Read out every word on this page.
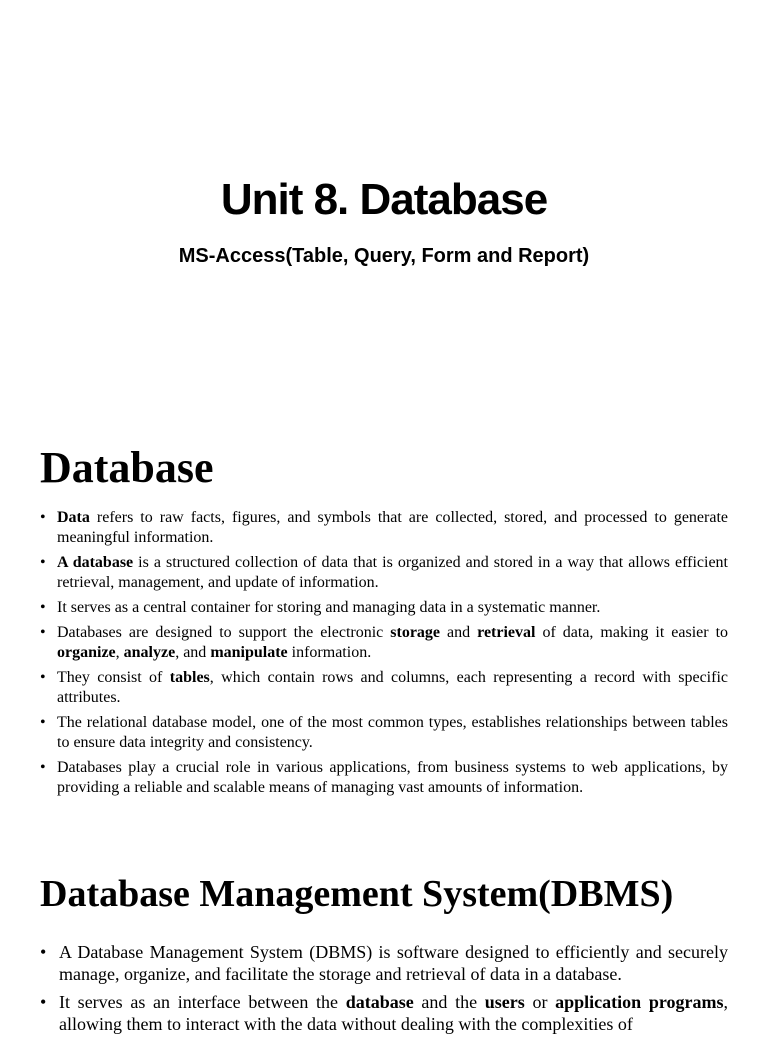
Unit 8. Database
MS-Access(Table, Query, Form and Report)
Database
• Data refers to raw facts, figures, and symbols that are collected, stored, and processed to generate meaningful information.
• A database is a structured collection of data that is organized and stored in a way that allows efficient retrieval, management, and update of information.
• It serves as a central container for storing and managing data in a systematic manner.
• Databases are designed to support the electronic storage and retrieval of data, making it easier to organize, analyze, and manipulate information.
• They consist of tables, which contain rows and columns, each representing a record with specific attributes.
• The relational database model, one of the most common types, establishes relationships between tables to ensure data integrity and consistency.
• Databases play a crucial role in various applications, from business systems to web applications, by providing a reliable and scalable means of managing vast amounts of information.
Database Management System(DBMS)
• A Database Management System (DBMS) is software designed to efficiently and securely manage, organize, and facilitate the storage and retrieval of data in a database.
• It serves as an interface between the database and the users or application programs, allowing them to interact with the data without dealing with the complexities of
